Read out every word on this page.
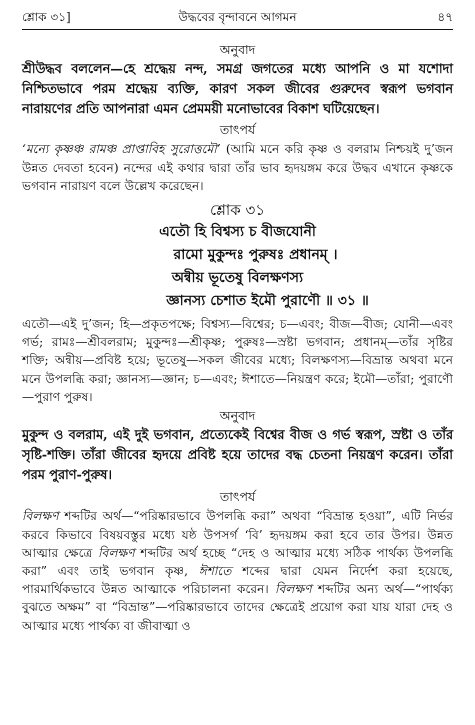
শ্লোক ৩১]	উদ্ধবের বৃন্দাবনে আগমন	৪৭
অনুবাদ

শ্রীউদ্ধব বললেন—হে শ্রদ্ধেয় নন্দ, সমগ্র জগতের মধ্যে আপনি ও মা যশোদা নিশ্চিতভাবে পরম শ্রদ্ধেয় ব্যক্তি, কারণ সকল জীবের গুরুদেব স্বরূপ ভগবান নারায়ণের প্রতি আপনারা এমন প্রেমময়ী মনোভাবের বিকাশ ঘটিয়েছেন।

তাৎপর্য

‘মন্যে কৃষ্ণঞ্চ রামঞ্চ প্রাপ্তাবিহ সুরোত্তমৌ’ (আমি মনে করি কৃষ্ণ ও বলরাম নিশ্চয়ই দু’জন উন্নত দেবতা হবেন) নন্দের এই কথার দ্বারা তাঁর ভাব হৃদয়ঙ্গম করে উদ্ধব এখানে কৃষ্ণকে ভগবান নারায়ণ বলে উল্লেখ করেছেন।

শ্লোক ৩১
এতৌ হি বিশ্বস্য চ বীজযোনী
রামো মুকুন্দঃ পুরুষঃ প্রধানম্ ।
অন্বীয় ভূতেষু বিলক্ষণস্য
জ্ঞানস্য চেশাত ইমৌ পুরাণৌ ॥ ৩১ ॥

এতৌ—এই দু’জন; হি—প্রকৃতপক্ষে; বিশ্বস্য—বিশ্বের; চ—এবং; বীজ—বীজ; যোনী—এবং গর্ভ; রামঃ—শ্রীবলরাম; মুকুন্দঃ—শ্রীকৃষ্ণ; পুরুষঃ—স্রষ্টা ভগবান; প্রধানম্—তাঁর সৃষ্টির শক্তি; অন্বীয়—প্রবিষ্ট হয়ে; ভূতেষু—সকল জীবের মধ্যে; বিলক্ষণস্য—বিভ্রান্ত অথবা মনে মনে উপলব্ধি করা; জ্ঞানস্য—জ্ঞান; চ—এবং; ঈশাতে—নিয়ন্ত্রণ করে; ইমৌ—তাঁরা; পুরাণৌ—পুরাণ পুরুষ।

অনুবাদ

মুকুন্দ ও বলরাম, এই দুই ভগবান, প্রত্যেকেই বিশ্বের বীজ ও গর্ভ স্বরূপ, স্রষ্টা ও তাঁর সৃষ্টি-শক্তি। তাঁরা জীবের হৃদয়ে প্রবিষ্ট হয়ে তাদের বদ্ধ চেতনা নিয়ন্ত্রণ করেন। তাঁরা পরম পুরাণ-পুরুষ।

তাৎপর্য

বিলক্ষণ শব্দটির অর্থ—“পরিষ্কারভাবে উপলব্ধি করা” অথবা “বিভ্রান্ত হওয়া”, এটি নির্ভর করবে কিভাবে বিষয়বস্তুর মধ্যে যষ্ঠ উপসর্গ ‘বি’ হৃদয়ঙ্গম করা হবে তার উপর। উন্নত আত্মার ক্ষেত্রে বিলক্ষণ শব্দটির অর্থ হচ্ছে “দেহ ও আত্মার মধ্যে সঠিক পার্থক্য উপলব্ধি করা” এবং তাই ভগবান কৃষ্ণ, ঈশাতে শব্দের দ্বারা যেমন নির্দেশ করা হয়েছে, পারমার্থিকভাবে উন্নত আত্মাকে পরিচালনা করেন। বিলক্ষণ শব্দটির অন্য অর্থ—“পার্থক্য বুঝতে অক্ষম” বা “বিভ্রান্ত”—পরিষ্কারভাবে তাদের ক্ষেত্রেই প্রয়োগ করা যায় যারা দেহ ও আত্মার মধ্যে পার্থক্য বা জীবাত্মা ও
